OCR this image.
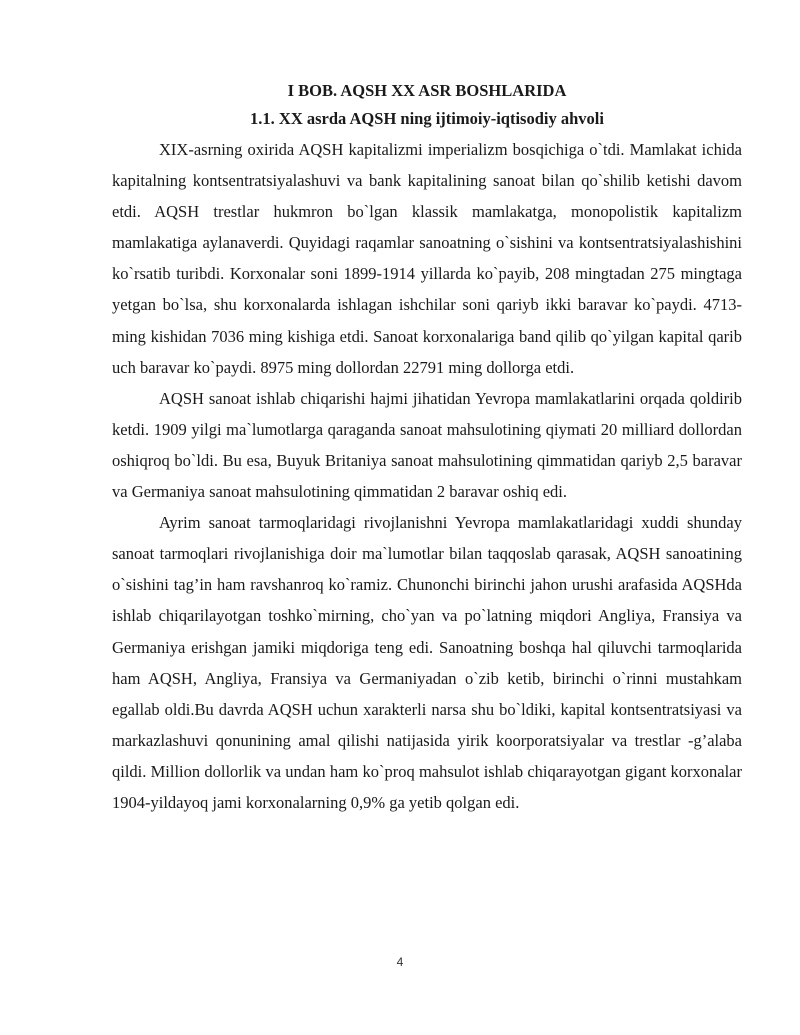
I BOB. AQSH XX ASR BOSHLARIDA
1.1. XX asrda AQSH ning ijtimoiy-iqtisodiy ahvoli

XIX-asrning oxirida AQSH kapitalizmi imperializm bosqichiga o`tdi. Mamlakat ichida kapitalning kontsentratsiyalashuvi va bank kapitalining sanoat bilan qo`shilib ketishi davom etdi. AQSH trestlar hukmron bo`lgan klassik mamlakatga, monopolistik kapitalizm mamlakatiga aylanaverdi. Quyidagi raqamlar sanoatning o`sishini va kontsentratsiyalashishini ko`rsatib turibdi. Korxonalar soni 1899-1914 yillarda ko`payib, 208 mingtadan 275 mingtaga yetgan bo`lsa, shu korxonalarda ishlagan ishchilar soni qariyb ikki baravar ko`paydi. 4713-ming kishidan 7036 ming kishiga etdi. Sanoat korxonalariga band qilib qo`yilgan kapital qarib uch baravar ko`paydi. 8975 ming dollordan 22791 ming dollorga etdi.

AQSH sanoat ishlab chiqarishi hajmi jihatidan Yevropa mamlakatlarini orqada qoldirib ketdi. 1909 yilgi ma`lumotlarga qaraganda sanoat mahsulotining qiymati 20 milliard dollordan oshiqroq bo`ldi. Bu esa, Buyuk Britaniya sanoat mahsulotining qimmatidan qariyb 2,5 baravar va Germaniya sanoat mahsulotining qimmatidan 2 baravar oshiq edi.

Ayrim sanoat tarmoqlaridagi rivojlanishni Yevropa mamlakatlaridagi xuddi shunday sanoat tarmoqlari rivojlanishiga doir ma`lumotlar bilan taqqoslab qarasak, AQSH sanoatining o`sishini tag’in ham ravshanroq ko`ramiz. Chunonchi birinchi jahon urushi arafasida AQSHda ishlab chiqarilayotgan toshko`mirning, cho`yan va po`latning miqdori Angliya, Fransiya va Germaniya erishgan jamiki miqdoriga teng edi. Sanoatning boshqa hal qiluvchi tarmoqlarida ham AQSH, Angliya, Fransiya va Germaniyadan o`zib ketib, birinchi o`rinni mustahkam egallab oldi.Bu davrda AQSH uchun xarakterli narsa shu bo`ldiki, kapital kontsentratsiyasi va markazlashuvi qonunining amal qilishi natijasida yirik koorporatsiyalar va trestlar -g’alaba qildi. Million dollorlik va undan ham ko`proq mahsulot ishlab chiqarayotgan gigant korxonalar 1904-yildayoq jami korxonalarning 0,9% ga yetib qolgan edi.

4
